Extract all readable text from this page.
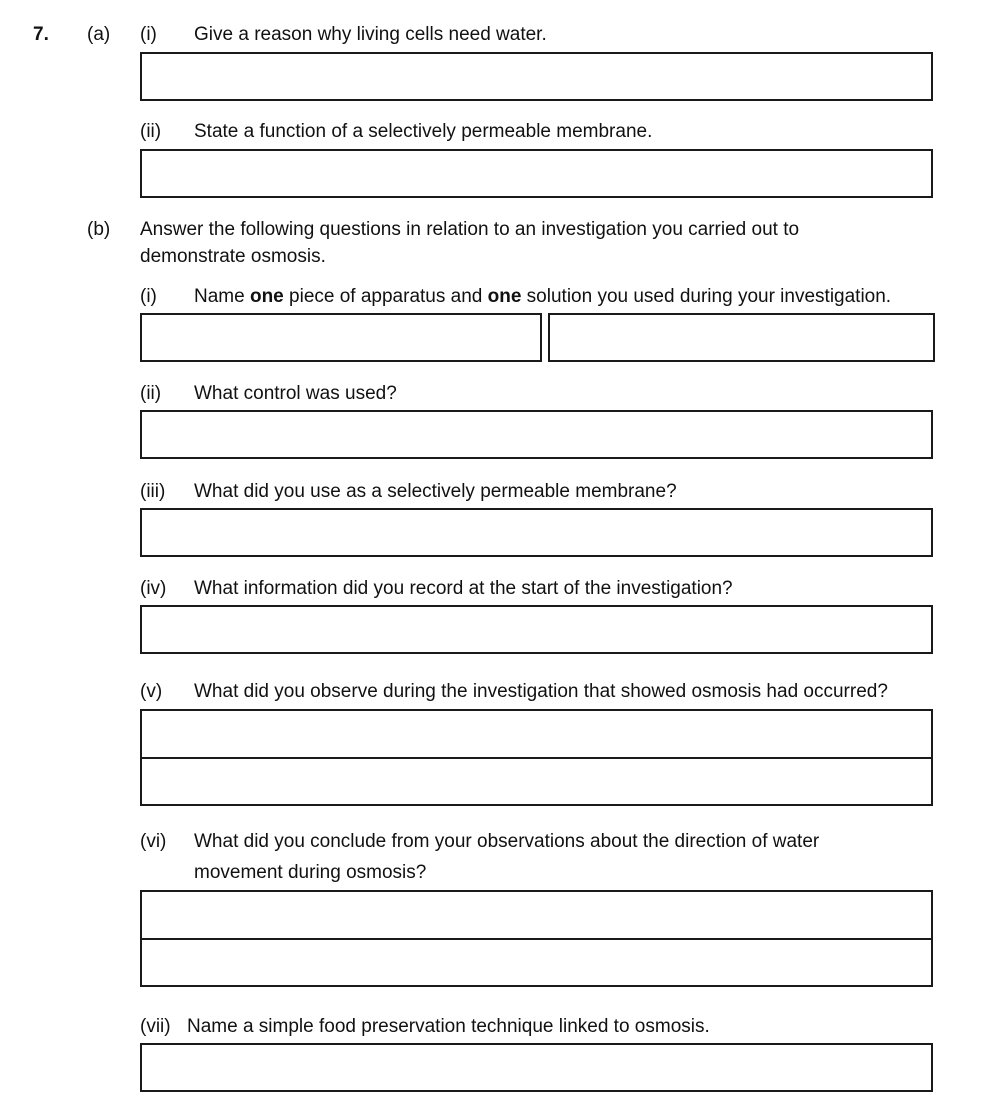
7. (a) (i) Give a reason why living cells need water.
(ii) State a function of a selectively permeable membrane.
(b) Answer the following questions in relation to an investigation you carried out to
demonstrate osmosis.
(i) Name one piece of apparatus and one solution you used during your investigation.
(ii) What control was used?
(iii) What did you use as a selectively permeable membrane?
(iv) What information did you record at the start of the investigation?
(v) What did you observe during the investigation that showed osmosis had occurred?
(vi) What did you conclude from your observations about the direction of water
movement during osmosis?
(vii) Name a simple food preservation technique linked to osmosis.
